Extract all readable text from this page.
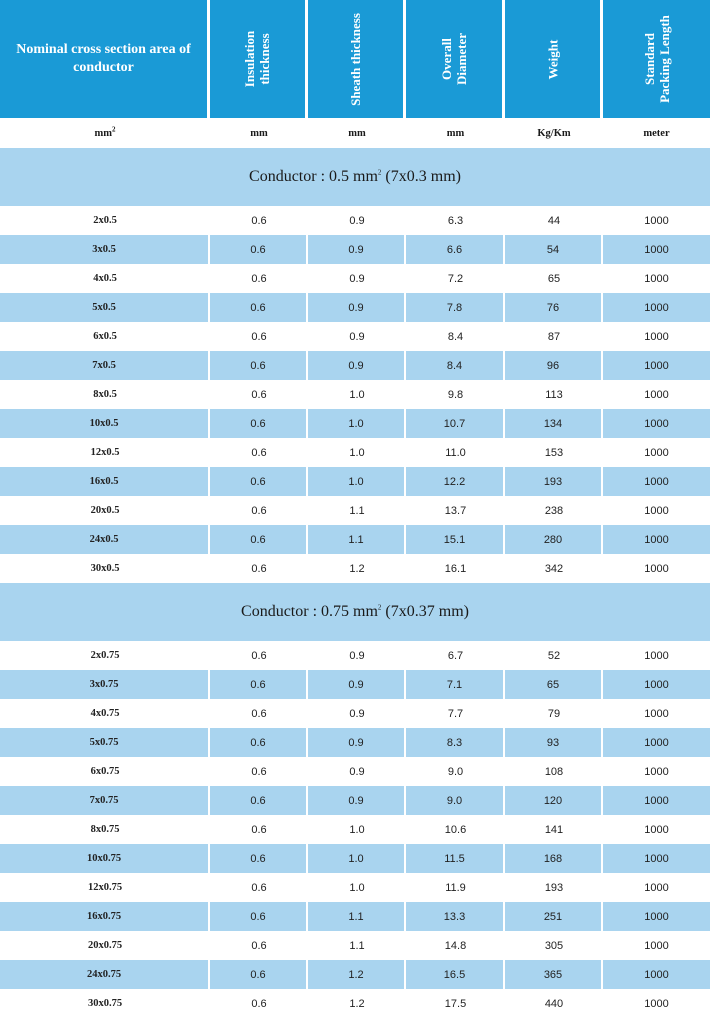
Nominal cross section area of conductor	Insulation
thickness	Sheath thickness	Overall
Diameter	Weight	Standard
Packing Length
$mm^2$	mm	mm	mm	Kg/Km	meter
Conductor : 0.5 $mm^2$ (7x0.3 mm)
2x0.5	0.6	0.9	6.3	44	1000
3x0.5	0.6	0.9	6.6	54	1000
4x0.5	0.6	0.9	7.2	65	1000
5x0.5	0.6	0.9	7.8	76	1000
6x0.5	0.6	0.9	8.4	87	1000
7x0.5	0.6	0.9	8.4	96	1000
8x0.5	0.6	1.0	9.8	113	1000
10x0.5	0.6	1.0	10.7	134	1000
12x0.5	0.6	1.0	11.0	153	1000
16x0.5	0.6	1.0	12.2	193	1000
20x0.5	0.6	1.1	13.7	238	1000
24x0.5	0.6	1.1	15.1	280	1000
30x0.5	0.6	1.2	16.1	342	1000
Conductor : 0.75 $mm^2$ (7x0.37 mm)
2x0.75	0.6	0.9	6.7	52	1000
3x0.75	0.6	0.9	7.1	65	1000
4x0.75	0.6	0.9	7.7	79	1000
5x0.75	0.6	0.9	8.3	93	1000
6x0.75	0.6	0.9	9.0	108	1000
7x0.75	0.6	0.9	9.0	120	1000
8x0.75	0.6	1.0	10.6	141	1000
10x0.75	0.6	1.0	11.5	168	1000
12x0.75	0.6	1.0	11.9	193	1000
16x0.75	0.6	1.1	13.3	251	1000
20x0.75	0.6	1.1	14.8	305	1000
24x0.75	0.6	1.2	16.5	365	1000
30x0.75	0.6	1.2	17.5	440	1000
